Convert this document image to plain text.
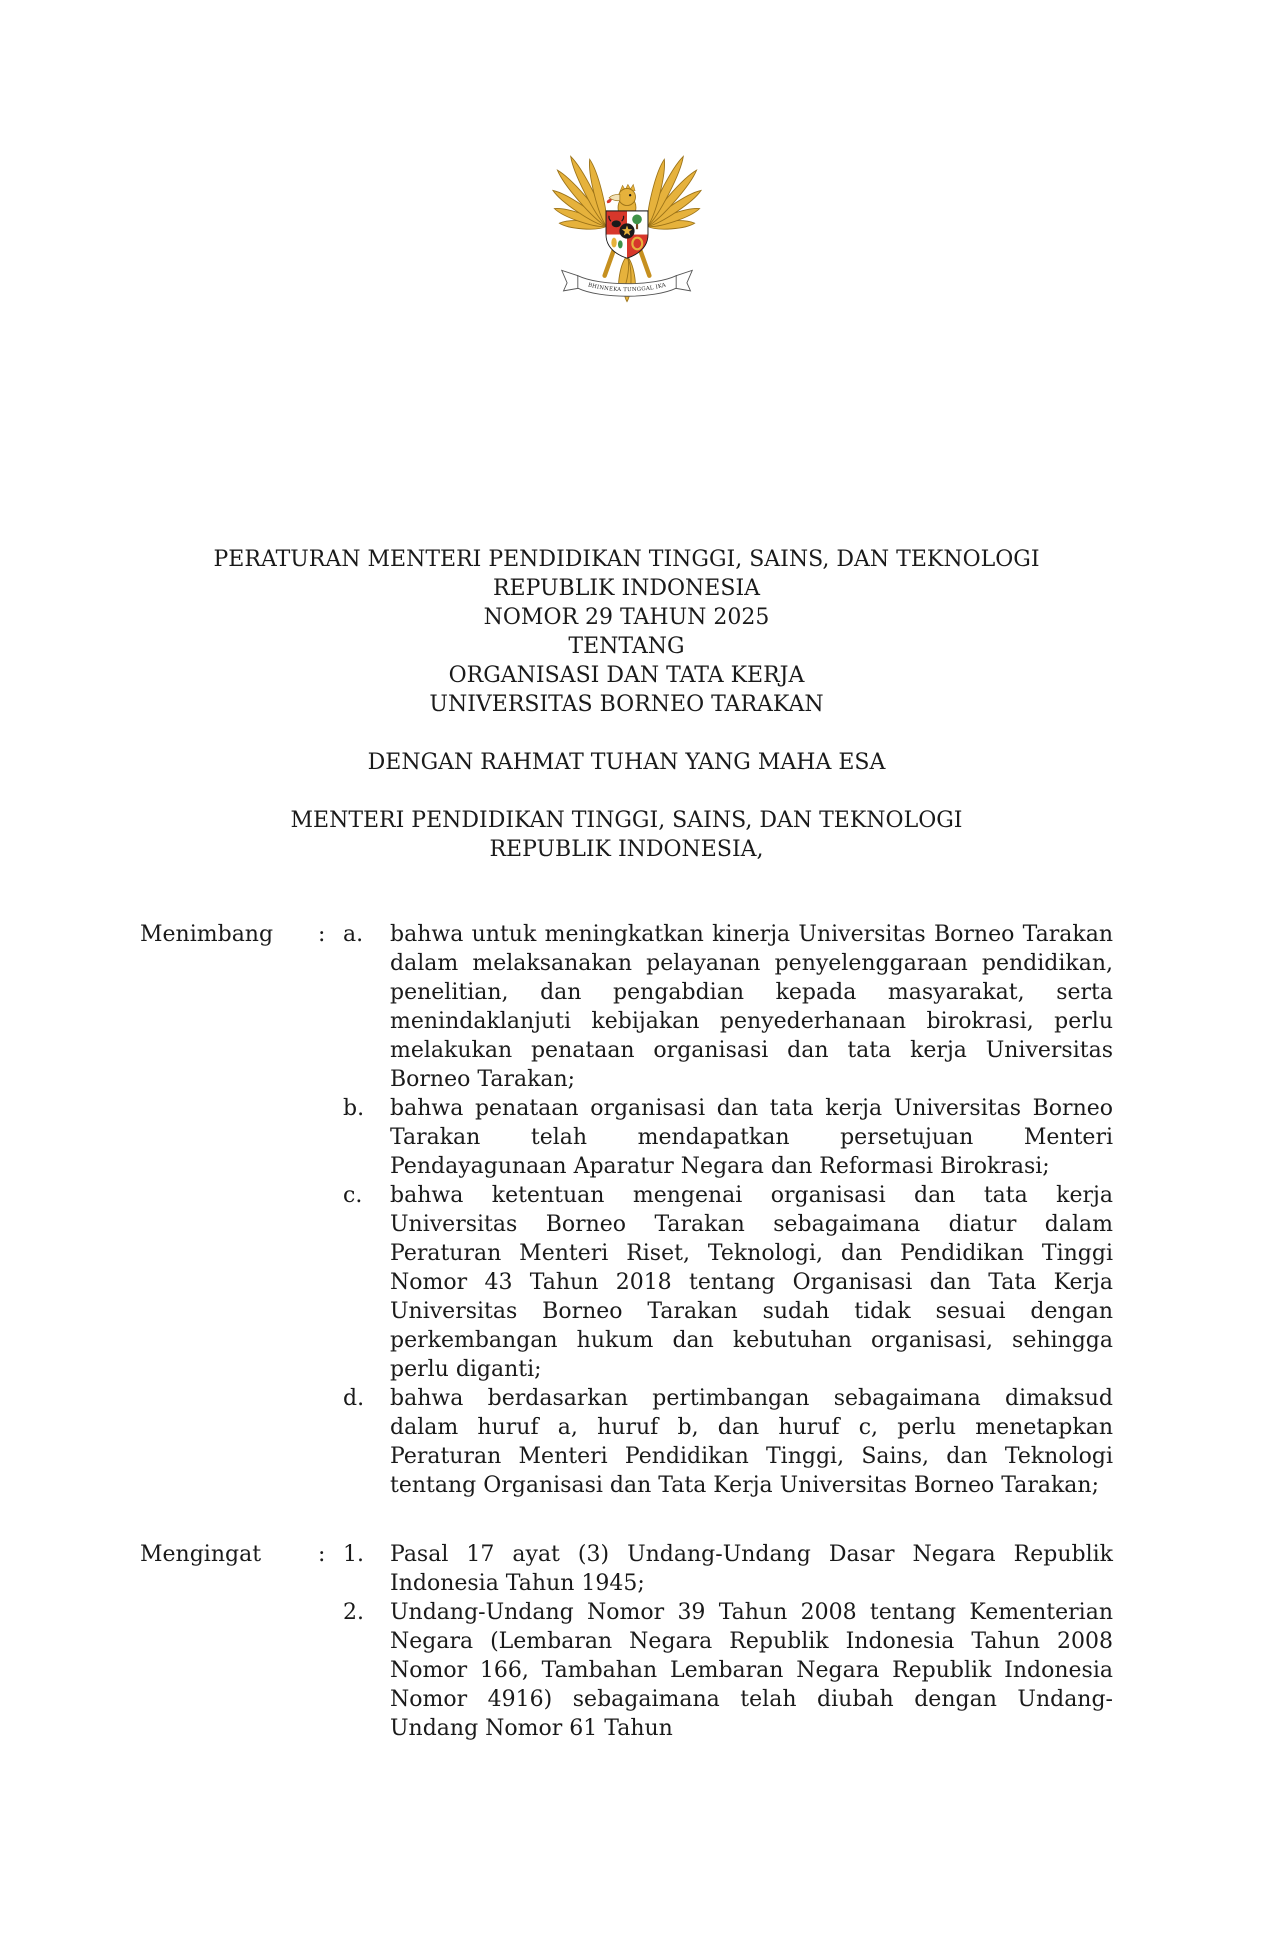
BHINNEKA TUNGGAL IKA
PERATURAN MENTERI PENDIDIKAN TINGGI, SAINS, DAN TEKNOLOGI
REPUBLIK INDONESIA
NOMOR 29 TAHUN 2025
TENTANG
ORGANISASI DAN TATA KERJA
UNIVERSITAS BORNEO TARAKAN
DENGAN RAHMAT TUHAN YANG MAHA ESA
MENTERI PENDIDIKAN TINGGI, SAINS, DAN TEKNOLOGI
REPUBLIK INDONESIA,
Menimbang	: a.	bahwa untuk meningkatkan kinerja Universitas Borneo Tarakan dalam melaksanakan pelayanan penyelenggaraan pendidikan, penelitian, dan pengabdian kepada masyarakat, serta menindaklanjuti kebijakan penyederhanaan birokrasi, perlu melakukan penataan organisasi dan tata kerja Universitas Borneo Tarakan;
b.	bahwa penataan organisasi dan tata kerja Universitas Borneo Tarakan telah mendapatkan persetujuan Menteri Pendayagunaan Aparatur Negara dan Reformasi Birokrasi;
c.	bahwa ketentuan mengenai organisasi dan tata kerja Universitas Borneo Tarakan sebagaimana diatur dalam Peraturan Menteri Riset, Teknologi, dan Pendidikan Tinggi Nomor 43 Tahun 2018 tentang Organisasi dan Tata Kerja Universitas Borneo Tarakan sudah tidak sesuai dengan perkembangan hukum dan kebutuhan organisasi, sehingga perlu diganti;
d.	bahwa berdasarkan pertimbangan sebagaimana dimaksud dalam huruf a, huruf b, dan huruf c, perlu menetapkan Peraturan Menteri Pendidikan Tinggi, Sains, dan Teknologi tentang Organisasi dan Tata Kerja Universitas Borneo Tarakan;
Mengingat	: 1.	Pasal 17 ayat (3) Undang-Undang Dasar Negara Republik Indonesia Tahun 1945;
2.	Undang-Undang Nomor 39 Tahun 2008 tentang Kementerian Negara (Lembaran Negara Republik Indonesia Tahun 2008 Nomor 166, Tambahan Lembaran Negara Republik Indonesia Nomor 4916) sebagaimana telah diubah dengan Undang-Undang Nomor 61 Tahun
